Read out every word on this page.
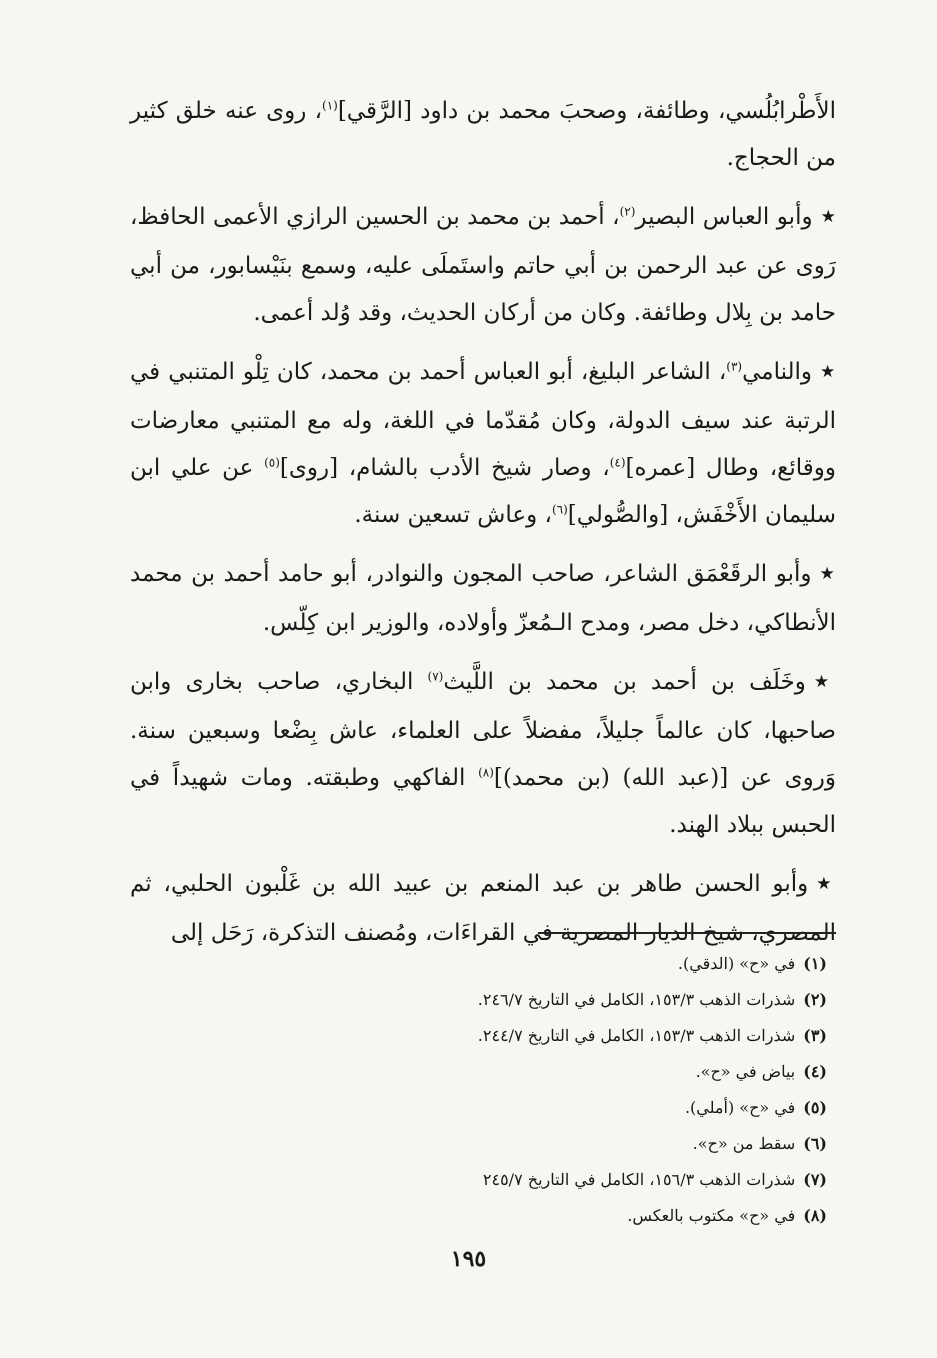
الأَطْرابُلُسي، وطائفة، وصحبَ محمد بن داود [الرَّقي]$^{(١)}$، روى عنه خلق كثير من الحجاج.

★وأبو العباس البصير$^{(٢)}$، أحمد بن محمد بن الحسين الرازي الأعمى الحافظ، رَوى عن عبد الرحمن بن أبي حاتم واستَملَى عليه، وسمع بنَيْسابور، من أبي حامد بن بِلال وطائفة. وكان من أركان الحديث، وقد وُلد أعمى.

★والنامي$^{(٣)}$، الشاعر البليغ، أبو العباس أحمد بن محمد، كان تِلْو المتنبي في الرتبة عند سيف الدولة، وكان مُقدّما في اللغة، وله مع المتنبي معارضات ووقائع، وطال [عمره]$^{(٤)}$، وصار شيخ الأدب بالشام، [روى]$^{(٥)}$ عن علي ابن سليمان الأَخْفَش، [والصُّولي]$^{(٦)}$، وعاش تسعين سنة.

★وأبو الرقَعْمَق الشاعر، صاحب المجون والنوادر، أبو حامد أحمد بن محمد الأنطاكي، دخل مصر، ومدح الـمُعزّ وأولاده، والوزير ابن كِلّس.

★وخَلَف بن أحمد بن محمد بن اللَّيث$^{(٧)}$ البخاري، صاحب بخارى وابن صاحبها، كان عالماً جليلاً، مفضلاً على العلماء، عاش بِضْعا وسبعين سنة. وَروى عن [(عبد الله) (بن محمد)]$^{(٨)}$ الفاكهي وطبقته. ومات شهيداً في الحبس ببلاد الهند.

★وأبو الحسن طاهر بن عبد المنعم بن عبيد الله بن غَلْبون الحلبي، ثم المصري، شيخ الديار المصرية في القراءَات، ومُصنف التذكرة، رَحَل إلى

(١)في «ح» (الدقي).
(٢)شذرات الذهب ١٥٣/٣، الكامل في التاريخ ٢٤٦/٧.
(٣)شذرات الذهب ١٥٣/٣، الكامل في التاريخ ٢٤٤/٧.
(٤)بياض في «ح».
(٥)في «ح» (أملي).
(٦)سقط من «ح».
(٧)شذرات الذهب ١٥٦/٣، الكامل في التاريخ ٢٤٥/٧
(٨)في «ح» مكتوب بالعكس.
١٩٥
